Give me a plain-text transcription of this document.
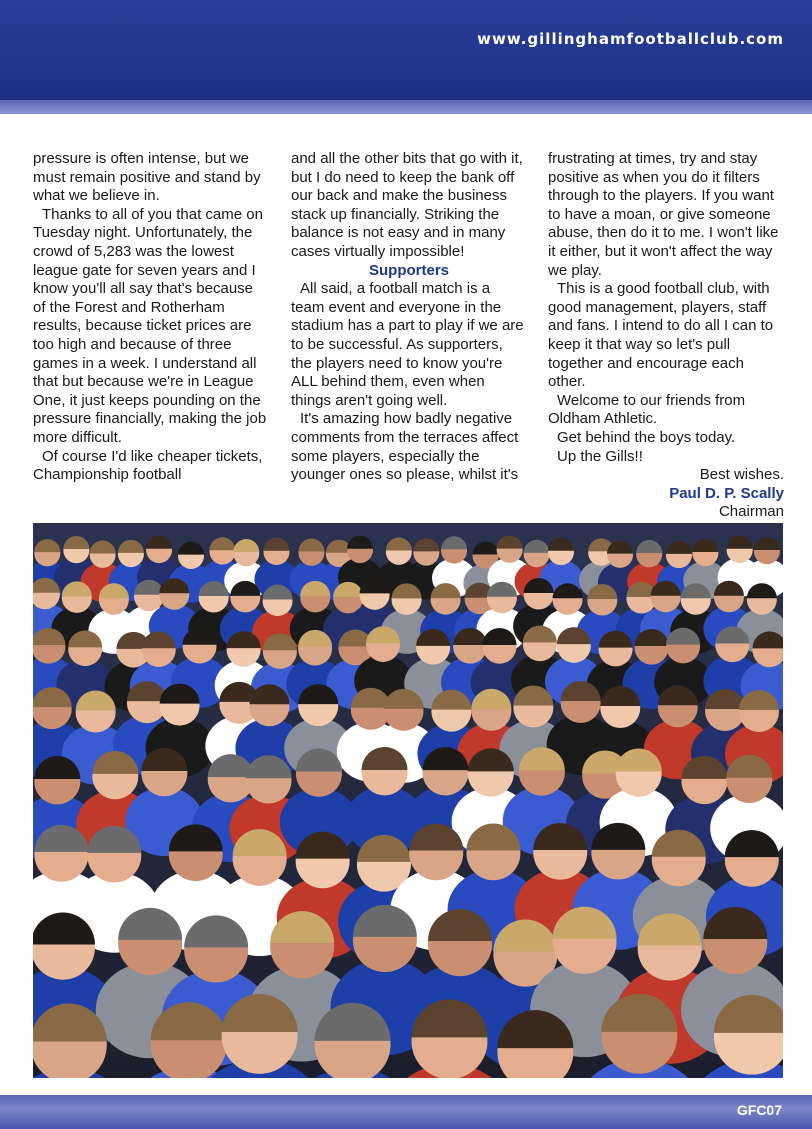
www.gillinghamfootballclub.com

pressure is often intense, but we must remain positive and stand by what we believe in.

Thanks to all of you that came on Tuesday night. Unfortunately, the crowd of 5,283 was the lowest league gate for seven years and I know you'll all say that's because of the Forest and Rotherham results, because ticket prices are too high and because of three games in a week. I understand all that but because we're in League One, it just keeps pounding on the pressure financially, making the job more difficult.

Of course I'd like cheaper tickets, Championship football

and all the other bits that go with it, but I do need to keep the bank off our back and make the business stack up financially. Striking the balance is not easy and in many cases virtually impossible!

Supporters

All said, a football match is a team event and everyone in the stadium has a part to play if we are to be successful. As supporters, the players need to know you're ALL behind them, even when things aren't going well.

It's amazing how badly negative comments from the terraces affect some players, especially the younger ones so please, whilst it's

frustrating at times, try and stay positive as when you do it filters through to the players. If you want to have a moan, or give someone abuse, then do it to me. I won't like it either, but it won't affect the way we play.

This is a good football club, with good management, players, staff and fans. I intend to do all I can to keep it that way so let's pull together and encourage each other.

Welcome to our friends from Oldham Athletic.

Get behind the boys today.

Up the Gills!!

Best wishes.

Paul D. P. Scally

Chairman

GFC07
